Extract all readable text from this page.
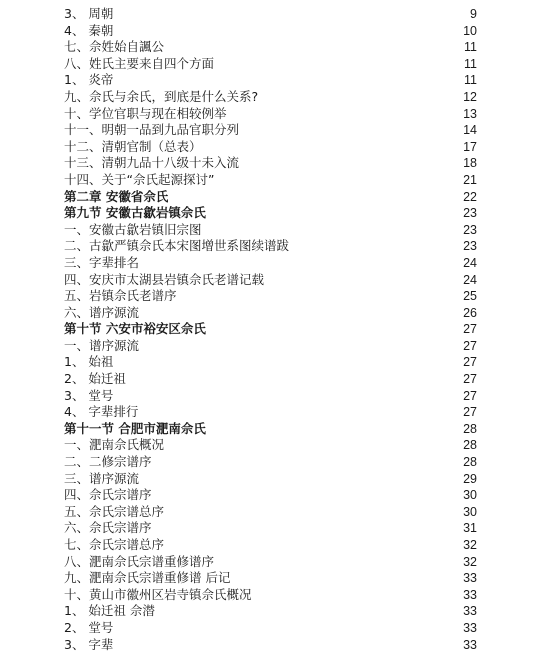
3、 周朝	9
4、 秦朝	10
七、佘姓始自諷公	11
八、姓氏主要来自四个方面	11
1、 炎帝	11
九、佘氏与余氏，到底是什么关系?	12
十、学位官职与现在相较例举	13
十一、明朝一品到九品官职分列	14
十二、清朝官制（总表）	17
十三、清朝九品十八级十未入流	18
十四、关于“佘氏起源探讨”	21
第二章 安徽省佘氏	22
第九节 安徽古歙岩镇佘氏	23
一、安徽古歙岩镇旧宗图	23
二、古歙严镇佘氏本宋图增世系图续谱跋	23
三、字辈排名	24
四、安庆市太湖县岩镇佘氏老谱记载	24
五、岩镇佘氏老谱序	25
六、谱序源流	26
第十节 六安市裕安区佘氏	27
一、谱序源流	27
1、 始祖	27
2、 始迁祖	27
3、 堂号	27
4、 字辈排行	27
第十一节 合肥市淝南佘氏	28
一、淝南佘氏概况	28
二、二修宗谱序	28
三、谱序源流	29
四、佘氏宗谱序	30
五、佘氏宗谱总序	30
六、佘氏宗谱序	31
七、佘氏宗谱总序	32
八、淝南佘氏宗谱重修谱序	32
九、淝南佘氏宗谱重修谱 后记	33
十、黄山市徽州区岩寺镇佘氏概况	33
1、 始迁祖 佘潜	33
2、 堂号	33
3、 字辈	33
